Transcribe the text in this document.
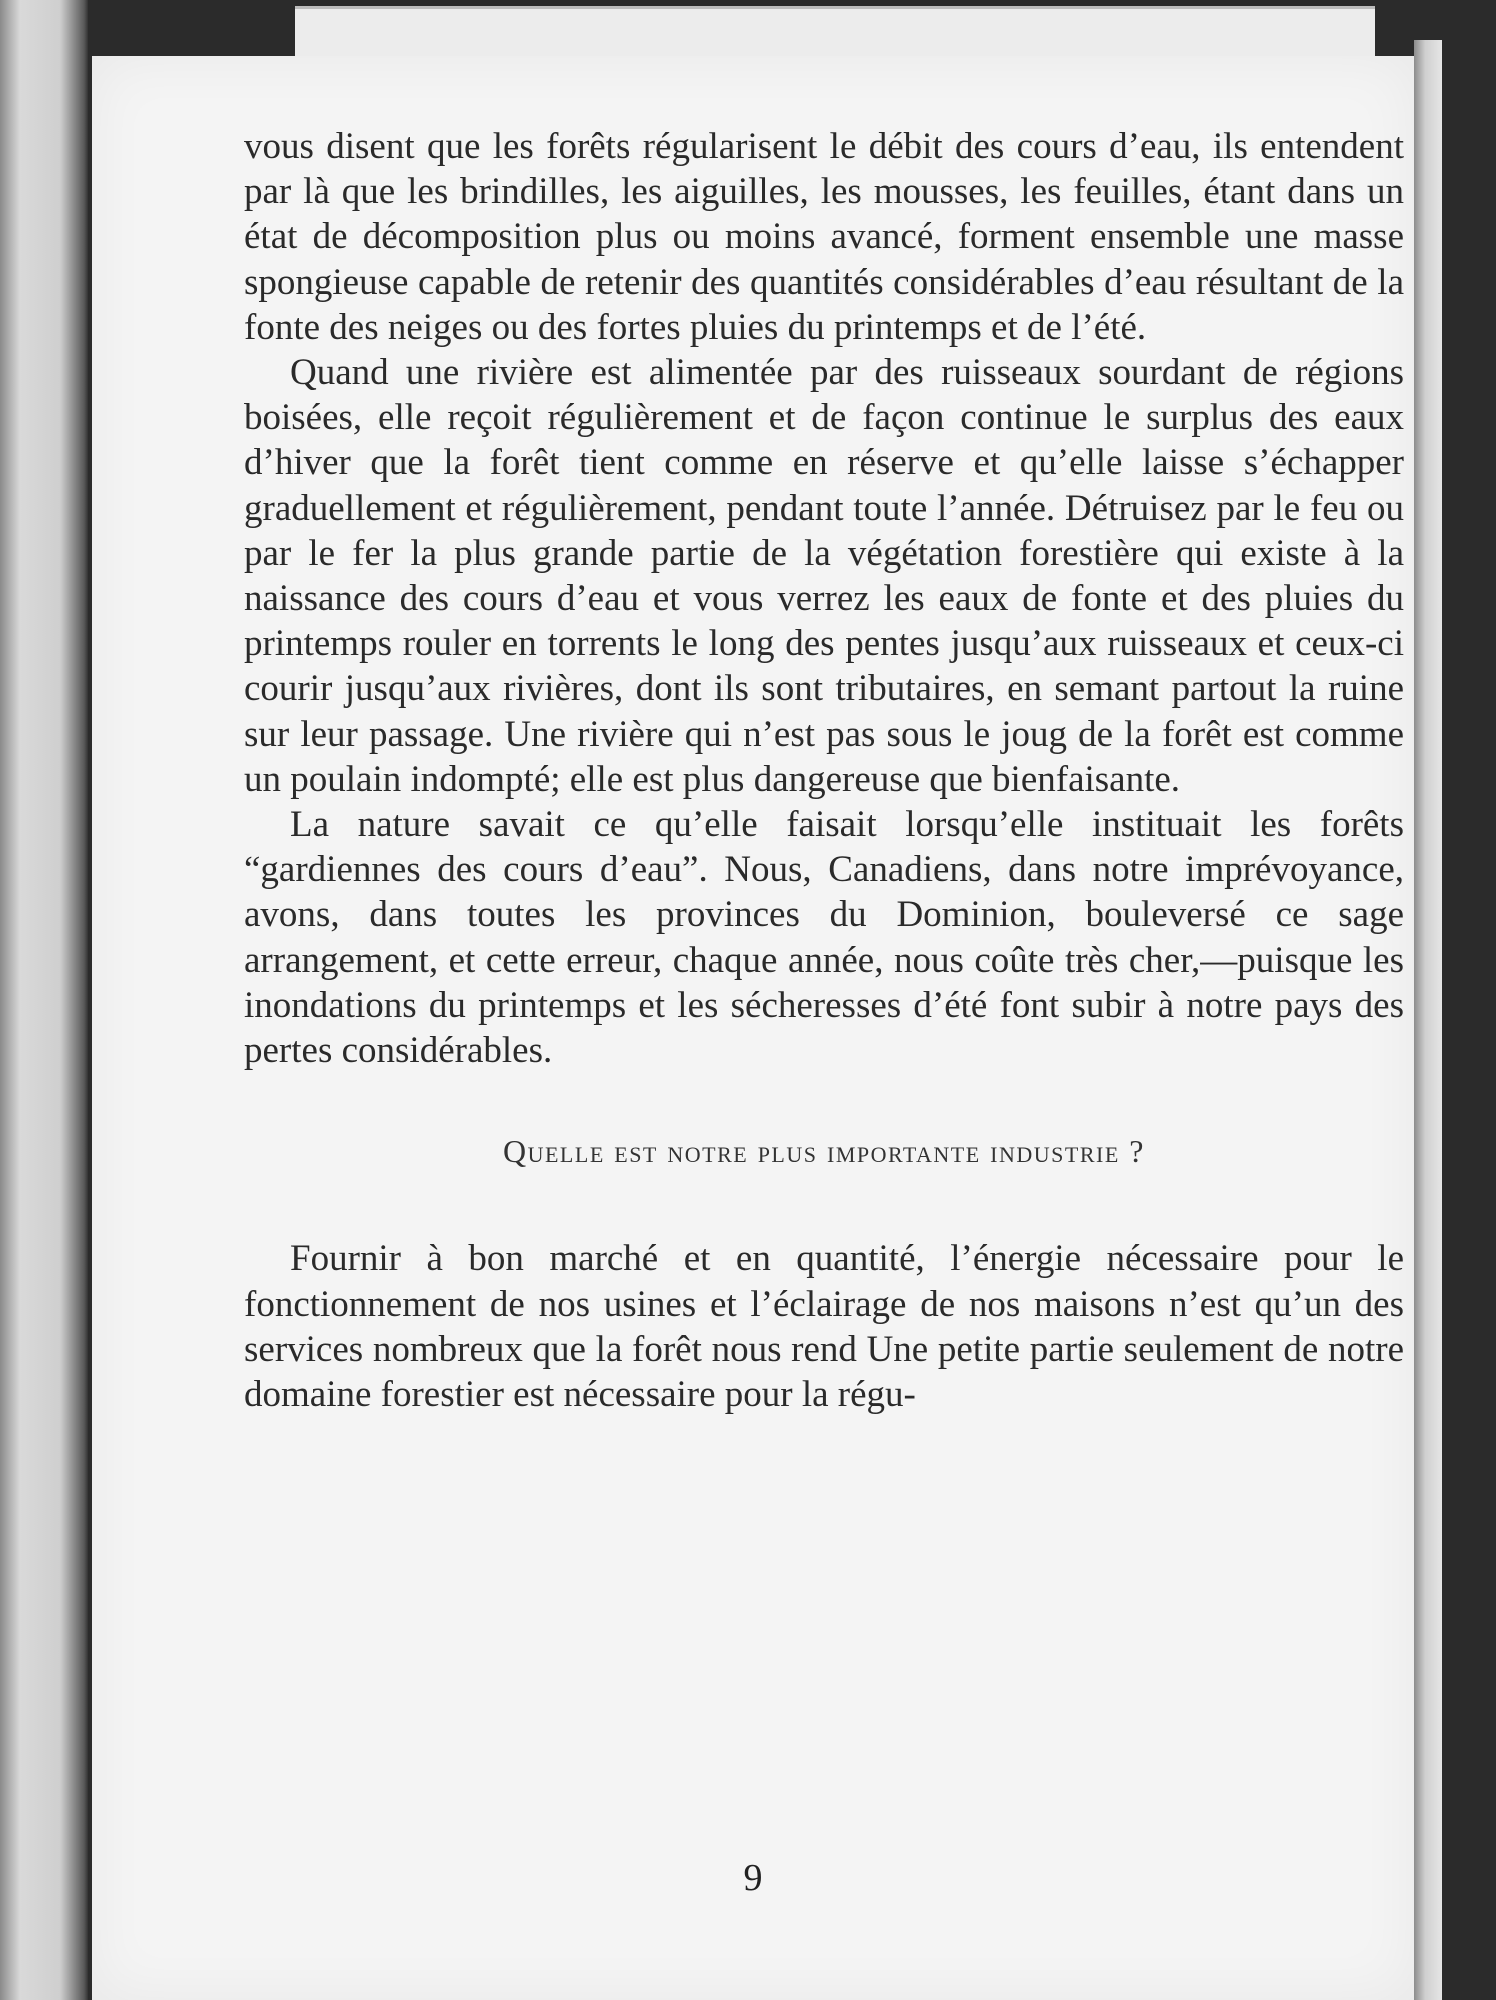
vous disent que les forêts régularisent le débit des cours d’eau, ils entendent par là que les brindilles, les aiguilles, les mousses, les feuilles, étant dans un état de décomposition plus ou moins avancé, forment ensemble une masse spongieuse capable de retenir des quantités considérables d’eau résultant de la fonte des neiges ou des fortes pluies du printemps et de l’été.

Quand une rivière est alimentée par des ruisseaux sourdant de régions boisées, elle reçoit régulièrement et de façon continue le surplus des eaux d’hiver que la forêt tient comme en réserve et qu’elle laisse s’échapper graduellement et régulièrement, pendant toute l’année. Détruisez par le feu ou par le fer la plus grande partie de la végétation forestière qui existe à la naissance des cours d’eau et vous verrez les eaux de fonte et des pluies du printemps rouler en torrents le long des pentes jusqu’aux ruisseaux et ceux-ci courir jusqu’aux rivières, dont ils sont tributaires, en semant partout la ruine sur leur passage. Une rivière qui n’est pas sous le joug de la forêt est comme un poulain indompté; elle est plus dangereuse que bienfaisante.

La nature savait ce qu’elle faisait lorsqu’elle instituait les forêts “gardiennes des cours d’eau”. Nous, Canadiens, dans notre imprévoyance, avons, dans toutes les provinces du Dominion, bouleversé ce sage arrangement, et cette erreur, chaque année, nous coûte très cher,—puisque les inondations du printemps et les sécheresses d’été font subir à notre pays des pertes considérables.

Quelle est notre plus importante industrie ?

Fournir à bon marché et en quantité, l’énergie nécessaire pour le fonctionnement de nos usines et l’éclairage de nos maisons n’est qu’un des services nombreux que la forêt nous rend Une petite partie seulement de notre domaine forestier est nécessaire pour la régu-

9
